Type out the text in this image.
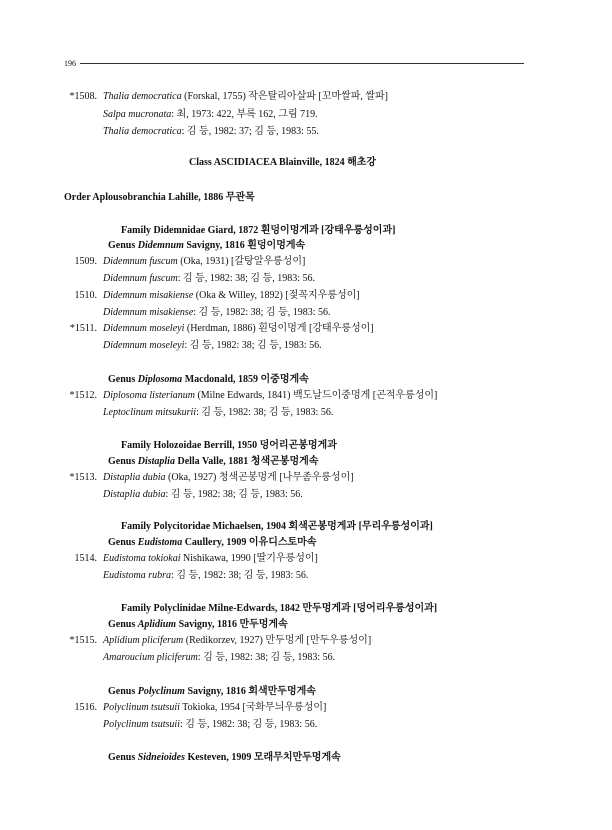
196
*1508. Thalia democratica (Forskal, 1755) 작은탈리아살파 [꼬마쌀파, 쌀파]
Salpa mucronata: 최, 1973: 422, 부록 162, 그림 719.
Thalia democratica: 김 등, 1982: 37; 김 등, 1983: 55.
Class ASCIDIACEA Blainville, 1824 해초강
Order Aplousobranchia Lahille, 1886 무관목
Family Didemnidae Giard, 1872 흰덩이멍게과 [강태우릉성이과]
Genus Didemnum Savigny, 1816 흰덩이멍게속
1509. Didemnum fuscum (Oka, 1931) [갈탕알우릉성이]
Didemnum fuscum: 김 등, 1982: 38; 김 등, 1983: 56.
1510. Didemnum misakiense (Oka & Willey, 1892) [젖꼭지우릉성이]
Didemnum misakiense: 김 등, 1982: 38; 김 등, 1983: 56.
*1511. Didemnum moseleyi (Herdman, 1886) 흰덩이멍게 [강태우릉성이]
Didemnum moseleyi: 김 등, 1982: 38; 김 등, 1983: 56.
Genus Diplosoma Macdonald, 1859 이중멍게속
*1512. Diplosoma listerianum (Milne Edwards, 1841) 백도날드이중멍게 [곤적우릉성이]
Leptoclinum mitsukurii: 김 등, 1982: 38; 김 등, 1983: 56.
Family Holozoidae Berrill, 1950 덩어리곤봉멍게과
Genus Distaplia Della Valle, 1881 청색곤봉멍게속
*1513. Distaplia dubia (Oka, 1927) 청색곤봉멍게 [나무좀우릉성이]
Distaplia dubia: 김 등, 1982: 38; 김 등, 1983: 56.
Family Polycitoridae Michaelsen, 1904 회색곤봉멍게과 [무리우릉성이과]
Genus Eudistoma Caullery, 1909 이유디스토마속
1514. Eudistoma tokiokai Nishikawa, 1990 [딸기우릉성이]
Eudistoma rubra: 김 등, 1982: 38; 김 등, 1983: 56.
Family Polyclinidae Milne-Edwards, 1842 만두멍게과 [덩어리우릉성이과]
Genus Aplidium Savigny, 1816 만두멍게속
*1515. Aplidium pliciferum (Redikorzev, 1927) 만두멍게 [만두우릉성이]
Amaroucium pliciferum: 김 등, 1982: 38; 김 등, 1983: 56.
Genus Polyclinum Savigny, 1816 회색만두멍게속
1516. Polyclinum tsutsuii Tokioka, 1954 [국화무늬우릉성이]
Polyclinum tsutsuii: 김 등, 1982: 38; 김 등, 1983: 56.
Genus Sidneioides Kesteven, 1909 모래무치만두멍게속
